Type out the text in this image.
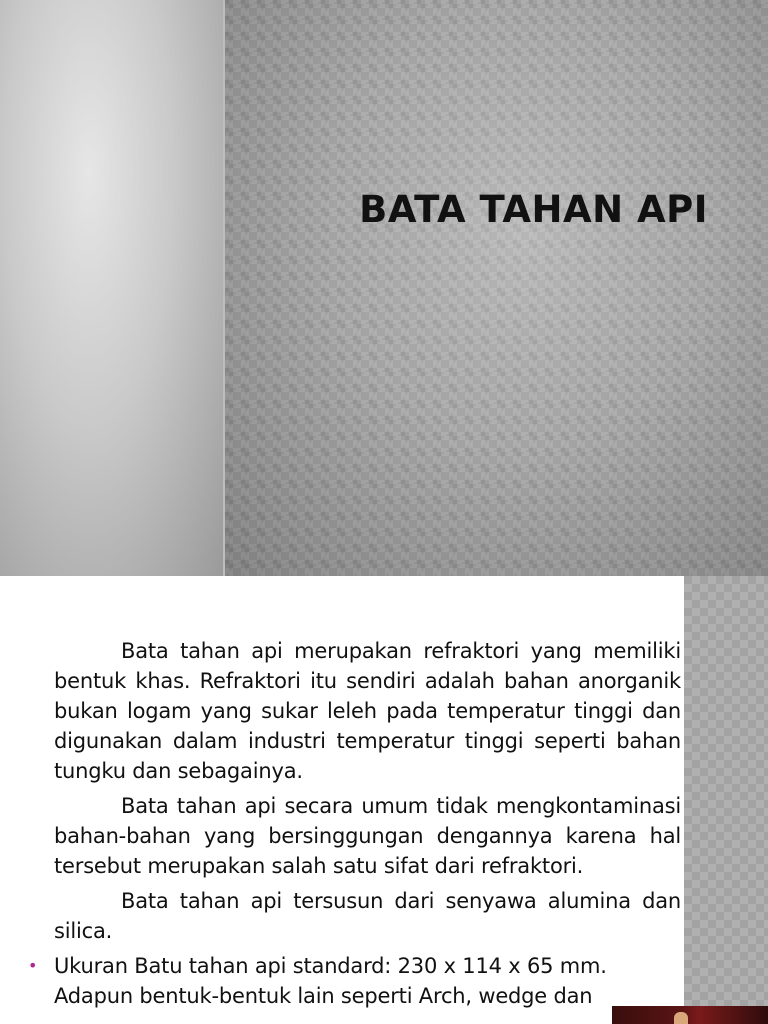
BATA TAHAN API

Bata tahan api merupakan refraktori yang memiliki bentuk khas. Refraktori itu sendiri adalah bahan anorganik bukan logam yang sukar leleh pada temperatur tinggi dan digunakan dalam industri temperatur tinggi seperti bahan tungku dan sebagainya.

Bata tahan api secara umum tidak mengkontaminasi bahan-bahan yang bersinggungan dengannya karena hal tersebut merupakan salah satu sifat dari refraktori.

Bata tahan api tersusun dari senyawa alumina dan silica.

• Ukuran Batu tahan api standard: 230 x 114 x 65 mm. Adapun bentuk-bentuk lain seperti Arch, wedge dan
